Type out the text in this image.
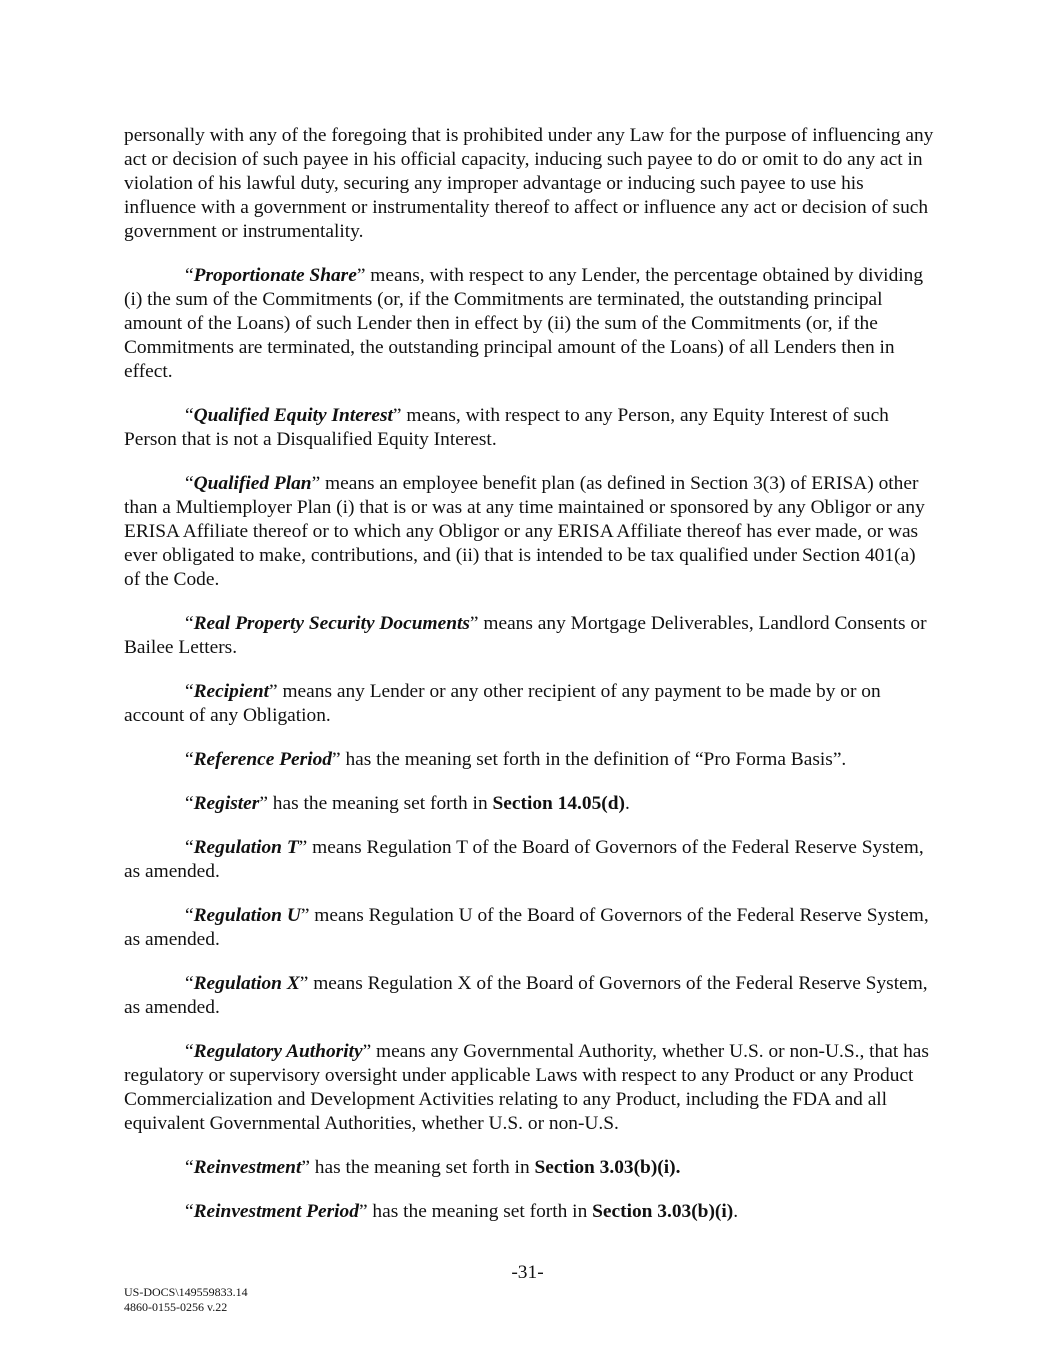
personally with any of the foregoing that is prohibited under any Law for the purpose of influencing any act or decision of such payee in his official capacity, inducing such payee to do or omit to do any act in violation of his lawful duty, securing any improper advantage or inducing such payee to use his influence with a government or instrumentality thereof to affect or influence any act or decision of such government or instrumentality.

“Proportionate Share” means, with respect to any Lender, the percentage obtained by dividing (i) the sum of the Commitments (or, if the Commitments are terminated, the outstanding principal amount of the Loans) of such Lender then in effect by (ii) the sum of the Commitments (or, if the Commitments are terminated, the outstanding principal amount of the Loans) of all Lenders then in effect.

“Qualified Equity Interest” means, with respect to any Person, any Equity Interest of such Person that is not a Disqualified Equity Interest.

“Qualified Plan” means an employee benefit plan (as defined in Section 3(3) of ERISA) other than a Multiemployer Plan (i) that is or was at any time maintained or sponsored by any Obligor or any ERISA Affiliate thereof or to which any Obligor or any ERISA Affiliate thereof has ever made, or was ever obligated to make, contributions, and (ii) that is intended to be tax qualified under Section 401(a) of the Code.

“Real Property Security Documents” means any Mortgage Deliverables, Landlord Consents or Bailee Letters.

“Recipient” means any Lender or any other recipient of any payment to be made by or on account of any Obligation.

“Reference Period” has the meaning set forth in the definition of “Pro Forma Basis”.

“Register” has the meaning set forth in Section 14.05(d).

“Regulation T” means Regulation T of the Board of Governors of the Federal Reserve System, as amended.

“Regulation U” means Regulation U of the Board of Governors of the Federal Reserve System, as amended.

“Regulation X” means Regulation X of the Board of Governors of the Federal Reserve System, as amended.

“Regulatory Authority” means any Governmental Authority, whether U.S. or non-U.S., that has regulatory or supervisory oversight under applicable Laws with respect to any Product or any Product Commercialization and Development Activities relating to any Product, including the FDA and all equivalent Governmental Authorities, whether U.S. or non-U.S.

“Reinvestment” has the meaning set forth in Section 3.03(b)(i).

“Reinvestment Period” has the meaning set forth in Section 3.03(b)(i).

-31-
US-DOCS\149559833.14
4860-0155-0256 v.22
